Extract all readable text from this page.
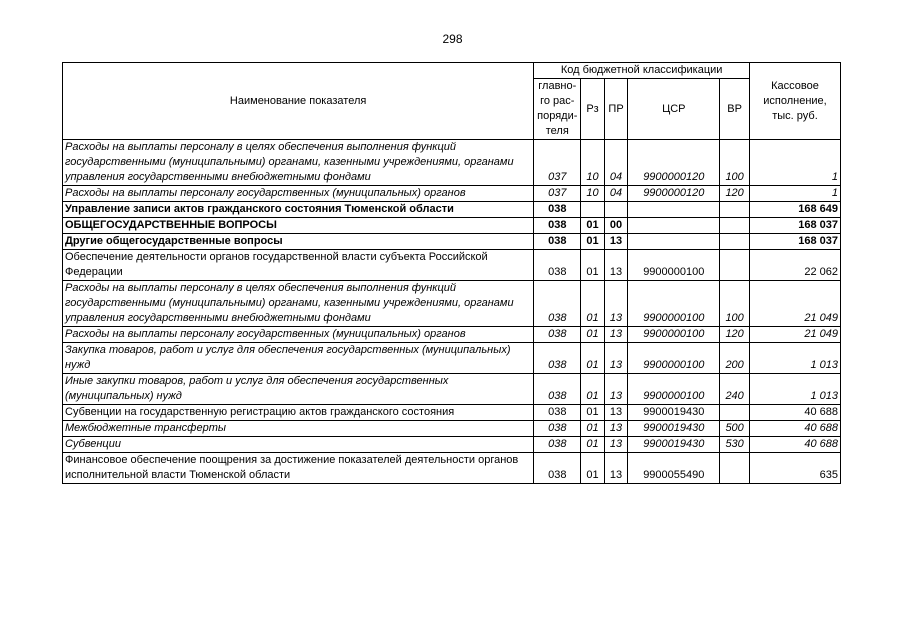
298
Наименование показателя	Код бюджетной классификации					Кассовое исполнение, тыс. руб.
	главно-го рас-поряди-теля	Рз	ПР	ЦСР	ВР	
Расходы на выплаты персоналу в целях обеспечения выполнения функций государственными (муниципальными) органами, казенными учреждениями, органами управления государственными внебюджетными фондами	037	10	04	9900000120	100	1
Расходы на выплаты персоналу государственных (муниципальных) органов	037	10	04	9900000120	120	1
Управление записи актов гражданского состояния Тюменской области	038					168 649
ОБЩЕГОСУДАРСТВЕННЫЕ ВОПРОСЫ	038	01	00			168 037
Другие общегосударственные вопросы	038	01	13			168 037
Обеспечение деятельности органов государственной власти субъекта Российской Федерации	038	01	13	9900000100		22 062
Расходы на выплаты персоналу в целях обеспечения выполнения функций государственными (муниципальными) органами, казенными учреждениями, органами управления государственными внебюджетными фондами	038	01	13	9900000100	100	21 049
Расходы на выплаты персоналу государственных (муниципальных) органов	038	01	13	9900000100	120	21 049
Закупка товаров, работ и услуг для обеспечения государственных (муниципальных) нужд	038	01	13	9900000100	200	1 013
Иные закупки товаров, работ и услуг для обеспечения государственных (муниципальных) нужд	038	01	13	9900000100	240	1 013
Субвенции на государственную регистрацию актов гражданского состояния	038	01	13	9900019430		40 688
Межбюджетные трансферты	038	01	13	9900019430	500	40 688
Субвенции	038	01	13	9900019430	530	40 688
Финансовое обеспечение поощрения за достижение показателей деятельности органов исполнительной власти Тюменской области	038	01	13	9900055490		635
